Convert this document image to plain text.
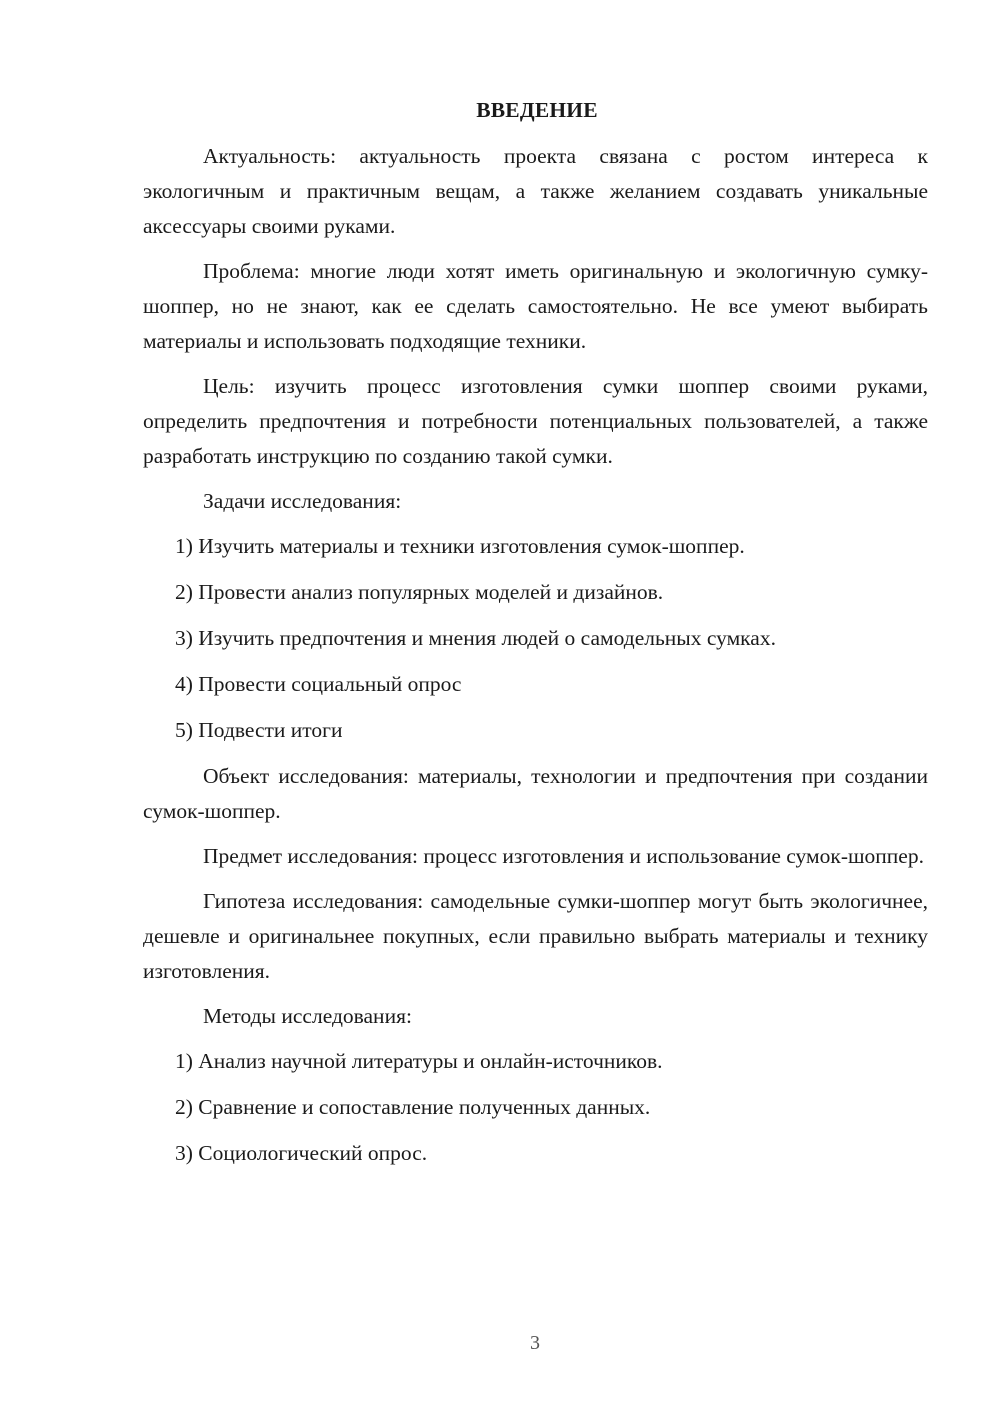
ВВЕДЕНИЕ

Актуальность: актуальность проекта связана с ростом интереса к экологичным и практичным вещам, а также желанием создавать уникальные аксессуары своими руками.

Проблема: многие люди хотят иметь оригинальную и экологичную сумку-шоппер, но не знают, как ее сделать самостоятельно. Не все умеют выбирать материалы и использовать подходящие техники.

Цель: изучить процесс изготовления сумки шоппер своими руками, определить предпочтения и потребности потенциальных пользователей, а также разработать инструкцию по созданию такой сумки.

Задачи исследования:

1) Изучить материалы и техники изготовления сумок-шоппер.
2) Провести анализ популярных моделей и дизайнов.
3) Изучить предпочтения и мнения людей о самодельных сумках.
4) Провести социальный опрос
5) Подвести итоги

Объект исследования: материалы, технологии и предпочтения при создании сумок-шоппер.

Предмет исследования: процесс изготовления и использование сумок-шоппер.

Гипотеза исследования: самодельные сумки-шоппер могут быть экологичнее, дешевле и оригинальнее покупных, если правильно выбрать материалы и технику изготовления.

Методы исследования:

1) Анализ научной литературы и онлайн-источников.
2) Сравнение и сопоставление полученных данных.
3) Социологический опрос.
3
